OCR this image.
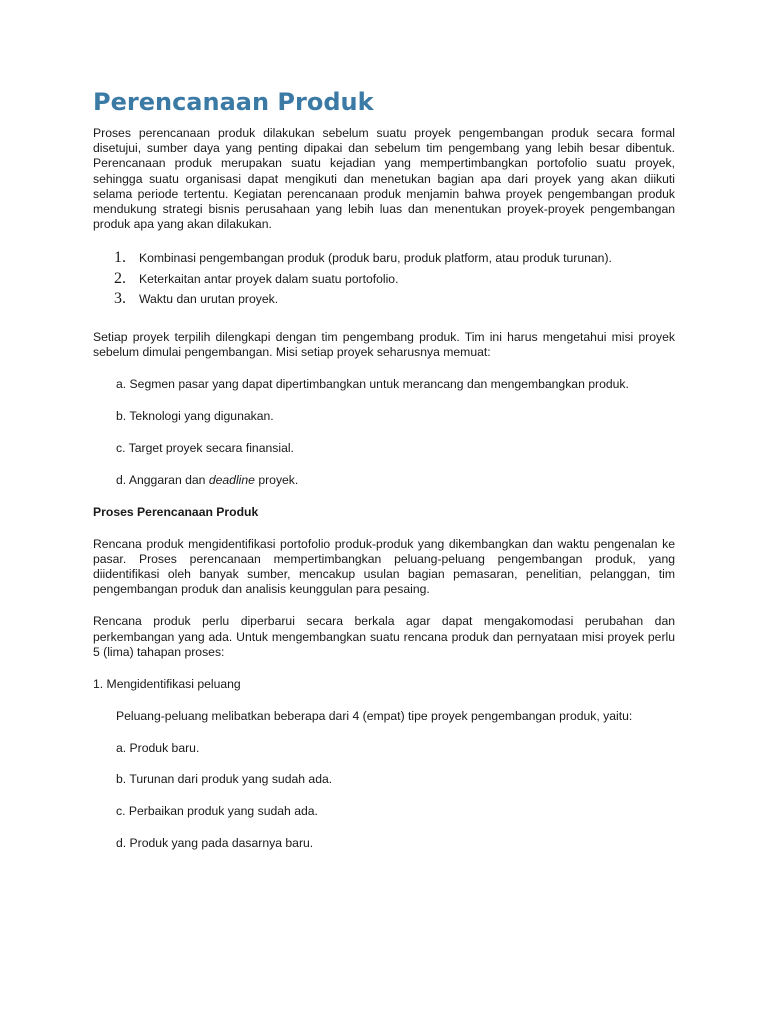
Perencanaan Produk

Proses perencanaan produk dilakukan sebelum suatu proyek pengembangan produk secara formal disetujui, sumber daya yang penting dipakai dan sebelum tim pengembang yang lebih besar dibentuk. Perencanaan produk merupakan suatu kejadian yang mempertimbangkan portofolio suatu proyek, sehingga suatu organisasi dapat mengikuti dan menetukan bagian apa dari proyek yang akan diikuti selama periode tertentu. Kegiatan perencanaan produk menjamin bahwa proyek pengembangan produk mendukung strategi bisnis perusahaan yang lebih luas dan menentukan proyek-proyek pengembangan produk apa yang akan dilakukan.

1.	Kombinasi pengembangan produk (produk baru, produk platform, atau produk turunan).
2.	Keterkaitan antar proyek dalam suatu portofolio.
3.	Waktu dan urutan proyek.

Setiap proyek terpilih dilengkapi dengan tim pengembang produk. Tim ini harus mengetahui misi proyek sebelum dimulai pengembangan. Misi setiap proyek seharusnya memuat:

a. Segmen pasar yang dapat dipertimbangkan untuk merancang dan mengembangkan produk.

b. Teknologi yang digunakan.

c. Target proyek secara finansial.

d. Anggaran dan deadline proyek.

Proses Perencanaan Produk

Rencana produk mengidentifikasi portofolio produk-produk yang dikembangkan dan waktu pengenalan ke pasar. Proses perencanaan mempertimbangkan peluang-peluang pengembangan produk, yang diidentifikasi oleh banyak sumber, mencakup usulan bagian pemasaran, penelitian, pelanggan, tim pengembangan produk dan analisis keunggulan para pesaing.

Rencana produk perlu diperbarui secara berkala agar dapat mengakomodasi perubahan dan perkembangan yang ada. Untuk mengembangkan suatu rencana produk dan pernyataan misi proyek perlu 5 (lima) tahapan proses:

1. Mengidentifikasi peluang

Peluang-peluang melibatkan beberapa dari 4 (empat) tipe proyek pengembangan produk, yaitu:

a. Produk baru.

b. Turunan dari produk yang sudah ada.

c. Perbaikan produk yang sudah ada.

d. Produk yang pada dasarnya baru.
